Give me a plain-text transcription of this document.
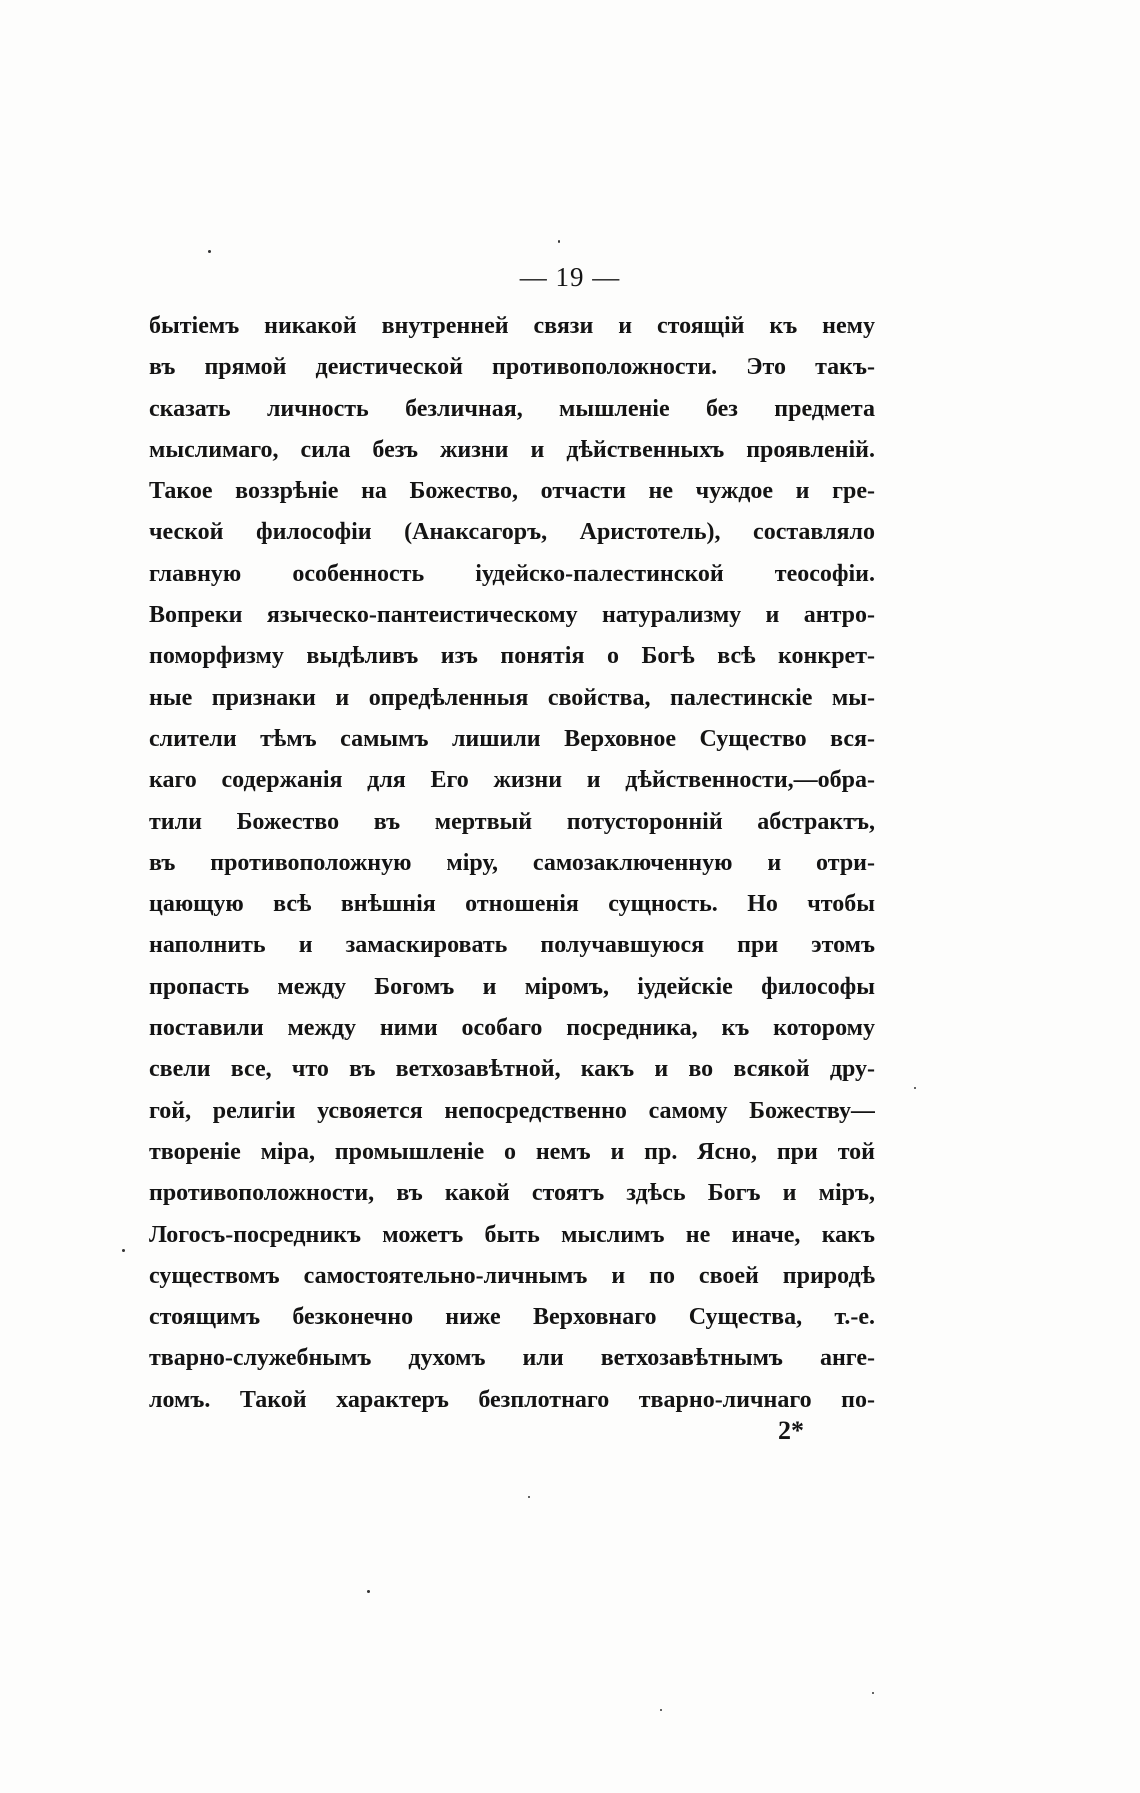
— 19 —
бытіемъ никакой внутренней связи и стоящій къ нему
въ прямой деистической противоположности. Это такъ-
сказать личность безличная, мышленіе без предмета
мыслимаго, сила безъ жизни и дѣйственныхъ проявленій.
Такое воззрѣніе на Божество, отчасти не чуждое и гре-
ческой философіи (Анаксагоръ, Аристотель), составляло
главную особенность іудейско-палестинской теософіи.
Вопреки языческо-пантеистическому натурализму и антро-
поморфизму выдѣливъ изъ понятія о Богѣ всѣ конкрет-
ные признаки и опредѣленныя свойства, палестинскіе мы-
слители тѣмъ самымъ лишили Верховное Существо вся-
каго содержанія для Его жизни и дѣйственности,—обра-
тили Божество въ мертвый потусторонній абстрактъ,
въ противоположную міру, самозаключенную и отри-
цающую всѣ внѣшнія отношенія сущность. Но чтобы
наполнить и замаскировать получавшуюся при этомъ
пропасть между Богомъ и міромъ, іудейскіе философы
поставили между ними особаго посредника, къ которому
свели все, что въ ветхозавѣтной, какъ и во всякой дру-
гой, религіи усвояется непосредственно самому Божеству—
твореніе міра, промышленіе о немъ и пр. Ясно, при той
противоположности, въ какой стоятъ здѣсь Богъ и міръ,
Логосъ-посредникъ можетъ быть мыслимъ не иначе, какъ
существомъ самостоятельно-личнымъ и по своей природѣ
стоящимъ безконечно ниже Верховнаго Существа, т.-е.
тварно-служебнымъ духомъ или ветхозавѣтнымъ анге-
ломъ. Такой характеръ безплотнаго тварно-личнаго по-
2*
